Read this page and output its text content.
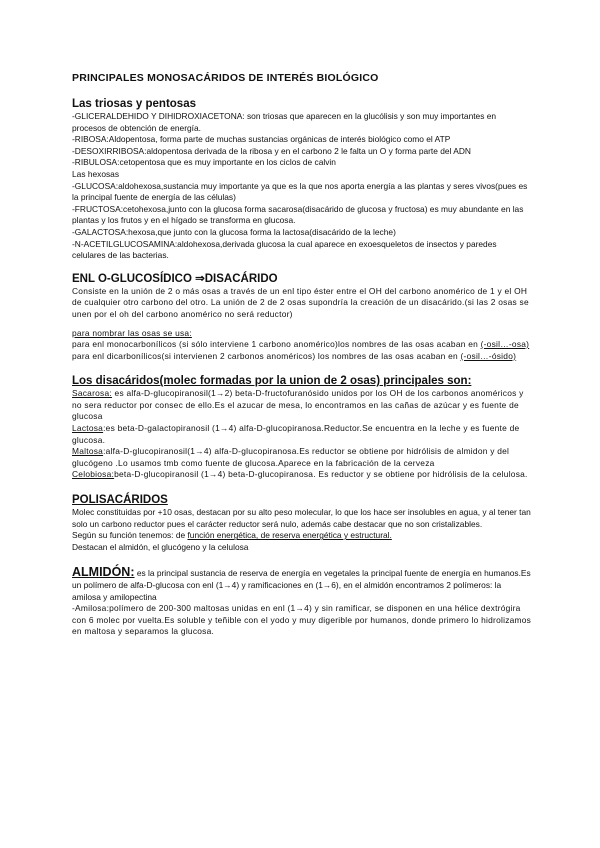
PRINCIPALES MONOSACÁRIDOS DE INTERÉS BIOLÓGICO
Las triosas y pentosas

-GLICERALDEHIDO Y DIHIDROXIACETONA: son triosas que aparecen en la glucólisis y son muy importantes en procesos de obtención de energía.

-RIBOSA:Aldopentosa, forma parte de muchas sustancias orgánicas de interés biológico como el ATP

-DESOXIRRIBOSA:aldopentosa derivada de la ribosa y en el carbono 2 le falta un O y forma parte del ADN

-RIBULOSA:cetopentosa que es muy importante en los ciclos de calvin

Las hexosas

-GLUCOSA:aldohexosa,sustancia muy importante ya que es la que nos aporta energía a las plantas y seres vivos(pues es la principal fuente de energía de las células)

-FRUCTOSA:cetohexosa,junto con la glucosa forma sacarosa(disacárido de glucosa y fructosa) es muy abundante en las plantas y los frutos y en el hígado se transforma en glucosa.

-GALACTOSA:hexosa,que junto con la glucosa forma la lactosa(disacárido de la leche)

-N-ACETILGLUCOSAMINA:aldohexosa,derivada glucosa la cual aparece en exoesqueletos de insectos y paredes celulares de las bacterias.

ENL O-GLUCOSÍDICO ⇒DISACÁRIDO

Consiste en la unión de 2 o más osas a través de un enl tipo éster entre el OH del carbono anomérico de 1 y el OH de cualquier otro carbono del otro. La unión de 2 de 2 osas supondría la creación de un disacárido.(si las 2 osas se unen por el oh del carbono anomérico no será reductor)

para nombrar las osas se usa:

para enl monocarbonílicos (si sólo interviene 1 carbono anomérico)los nombres de las osas acaban en (-osil…-osa)

para enl dicarbonílicos(si intervienen 2 carbonos anoméricos) los nombres de las osas acaban en (-osil…-ósido)

Los disacáridos(molec formadas por la union de 2 osas) principales son:

Sacarosa: es alfa-D-glucopiranosil(1→2) beta-D-fructofuranósido unidos por los OH de los carbonos anoméricos y no sera reductor por consec de ello.Es el azucar de mesa, lo encontramos en las cañas de azúcar y es fuente de glucosa

Lactosa:es beta-D-galactopiranosil (1→4) alfa-D-glucopiranosa.Reductor.Se encuentra en la leche y es fuente de glucosa.

Maltosa:alfa-D-glucopiranosil(1→4) alfa-D-glucopiranosa.Es reductor se obtiene por hidrólisis de almidon y del glucógeno .Lo usamos tmb como fuente de glucosa.Aparece en la fabricación de la cerveza

Celobiosa:beta-D-glucopiranosil (1→4) beta-D-glucopiranosa. Es reductor y se obtiene por hidrólisis de la celulosa.

POLISACÁRIDOS

Molec constituidas por +10 osas, destacan por su alto peso molecular, lo que los hace ser insolubles en agua, y al tener tan solo un carbono reductor pues el carácter reductor será nulo, además cabe destacar que no son cristalizables.

Según su función tenemos: de función energética, de reserva energética y estructural.

Destacan el almidón, el glucógeno y la celulosa

ALMIDÓN: es la principal sustancia de reserva de energía en vegetales la principal fuente de energía en humanos.Es un polímero de alfa-D-glucosa con enl (1→4) y ramificaciones en (1→6), en el almidón encontramos 2 polímeros: la amilosa y amilopectina

-Amilosa:polímero de 200-300 maltosas unidas en enl (1→4) y sin ramificar, se disponen en una hélice dextrógira con 6 molec por vuelta.Es soluble y teñible con el yodo y muy digerible por humanos, donde primero lo hidrolizamos en maltosa y separamos la glucosa.
